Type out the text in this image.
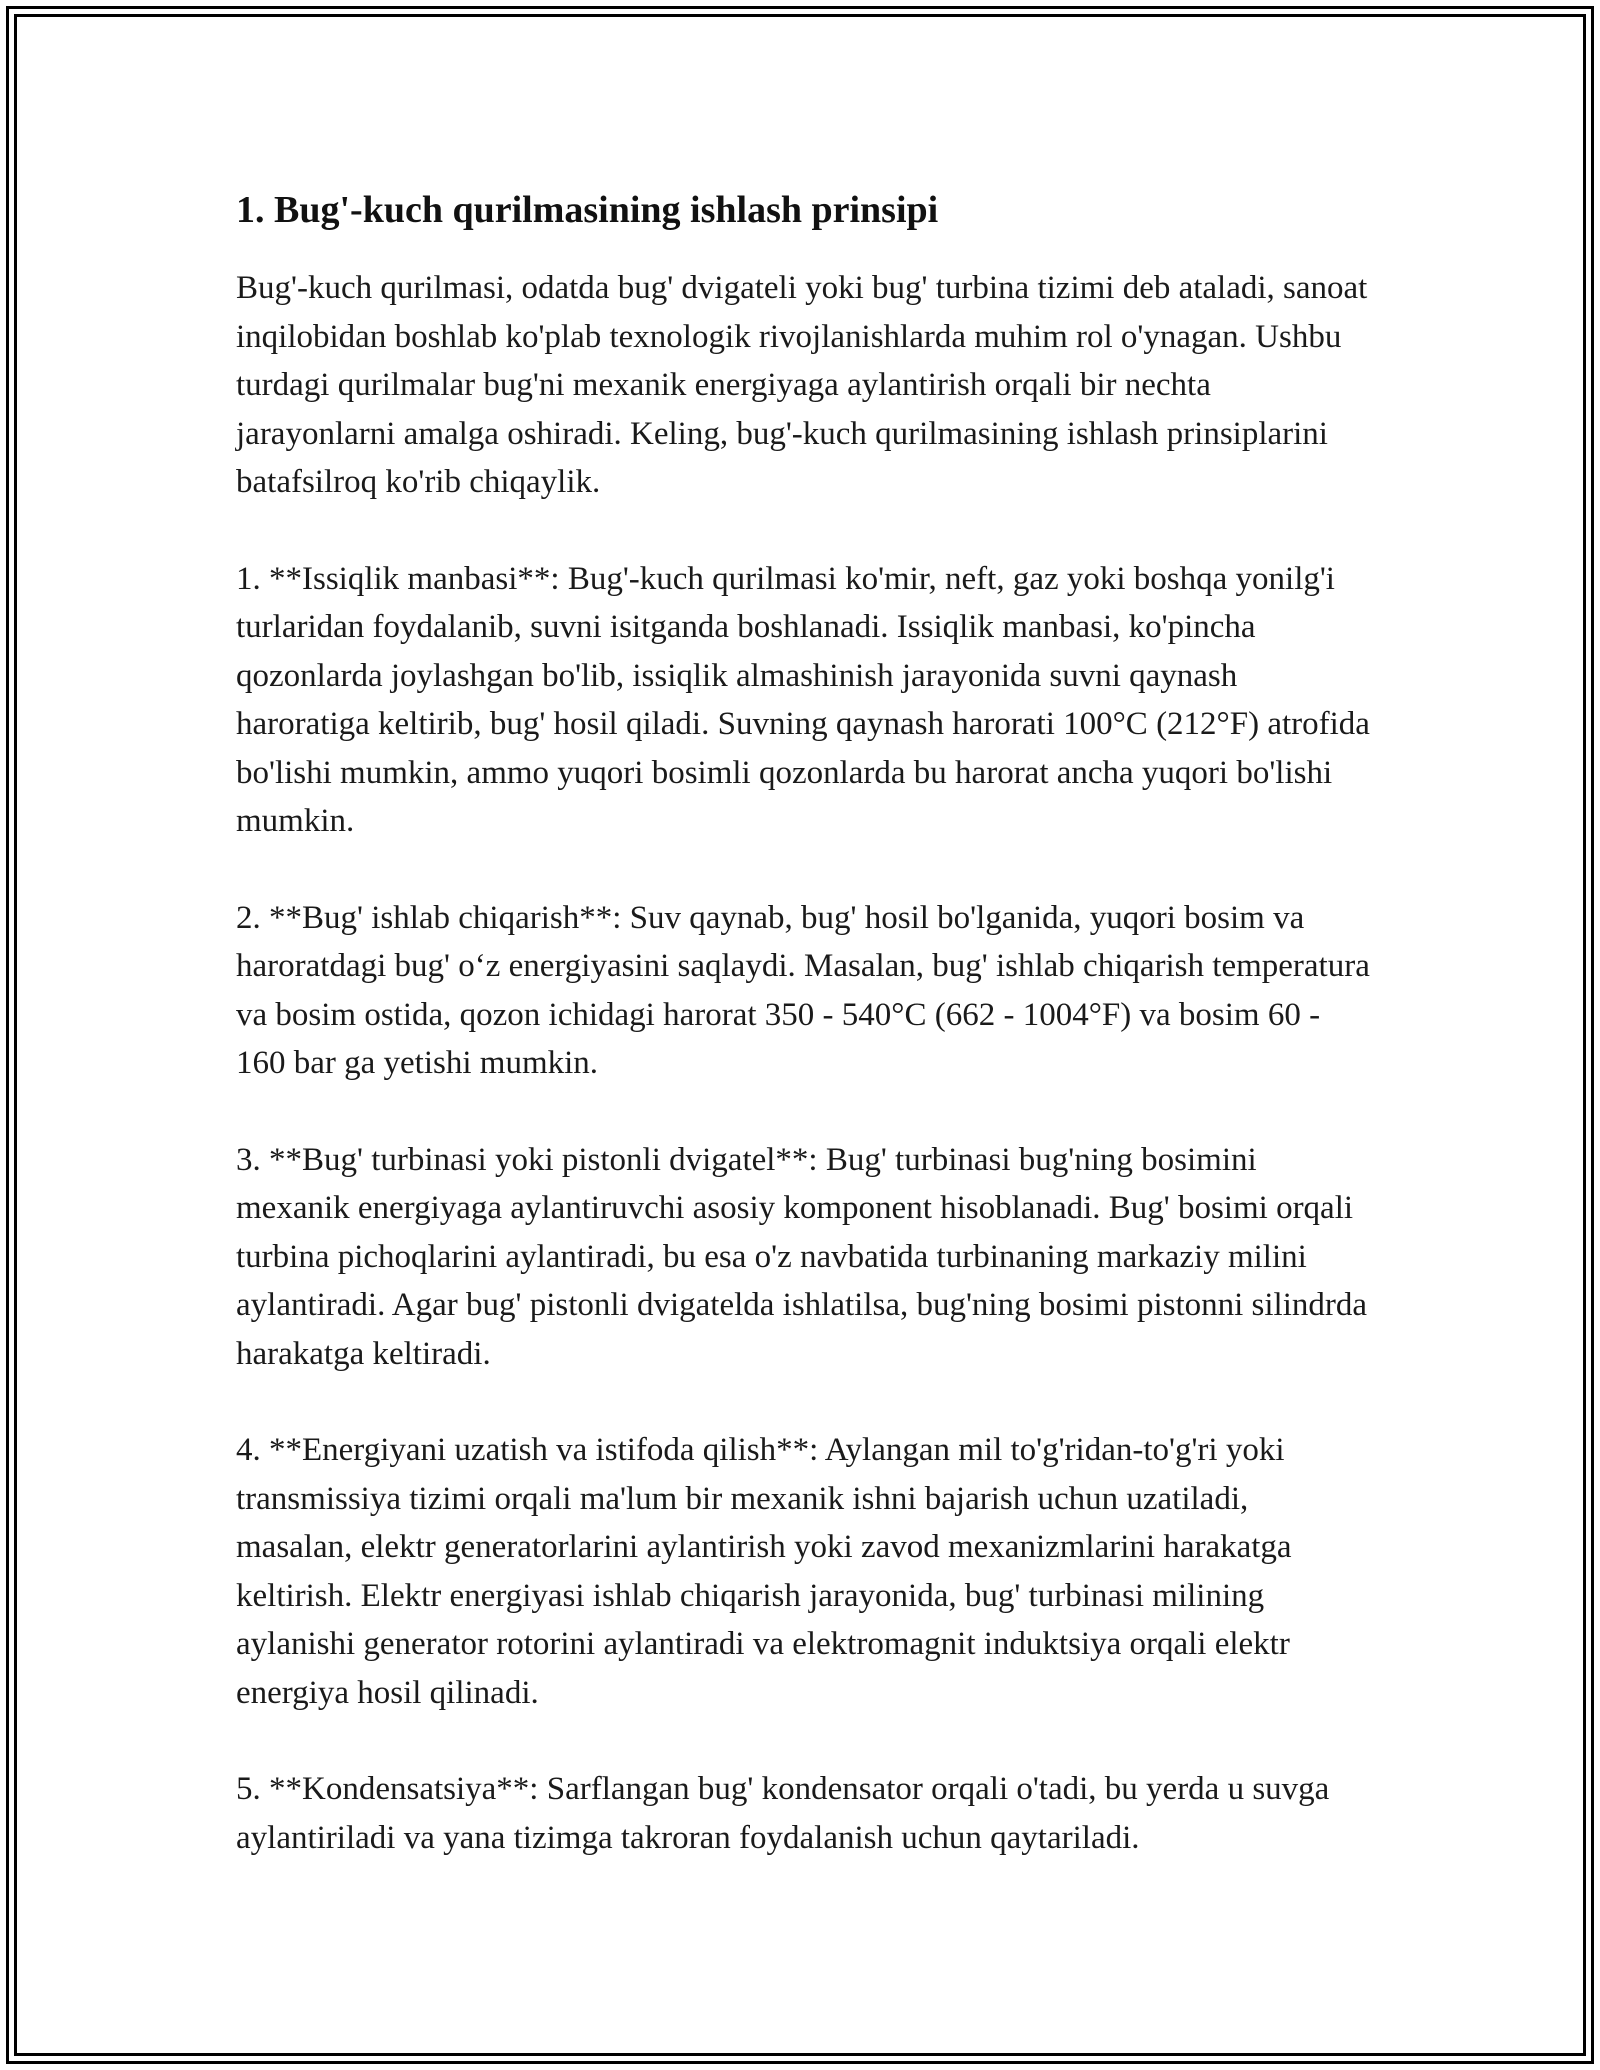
1. Bug'-kuch qurilmasining ishlash prinsipi

Bug'-kuch qurilmasi, odatda bug' dvigateli yoki bug' turbina tizimi deb ataladi, sanoat inqilobidan boshlab ko'plab texnologik rivojlanishlarda muhim rol o'ynagan. Ushbu turdagi qurilmalar bug'ni mexanik energiyaga aylantirish orqali bir nechta jarayonlarni amalga oshiradi. Keling, bug'-kuch qurilmasining ishlash prinsiplarini batafsilroq ko'rib chiqaylik.

1. **Issiqlik manbasi**: Bug'-kuch qurilmasi ko'mir, neft, gaz yoki boshqa yonilg'i turlaridan foydalanib, suvni isitganda boshlanadi. Issiqlik manbasi, ko'pincha qozonlarda joylashgan bo'lib, issiqlik almashinish jarayonida suvni qaynash haroratiga keltirib, bug' hosil qiladi. Suvning qaynash harorati 100°C (212°F) atrofida bo'lishi mumkin, ammo yuqori bosimli qozonlarda bu harorat ancha yuqori bo'lishi mumkin.

2. **Bug' ishlab chiqarish**: Suv qaynab, bug' hosil bo'lganida, yuqori bosim va haroratdagi bug' o‘z energiyasini saqlaydi. Masalan, bug' ishlab chiqarish temperatura va bosim ostida, qozon ichidagi harorat 350 - 540°C (662 - 1004°F) va bosim 60 - 160 bar ga yetishi mumkin.

3. **Bug' turbinasi yoki pistonli dvigatel**: Bug' turbinasi bug'ning bosimini mexanik energiyaga aylantiruvchi asosiy komponent hisoblanadi. Bug' bosimi orqali turbina pichoqlarini aylantiradi, bu esa o'z navbatida turbinaning markaziy milini aylantiradi. Agar bug' pistonli dvigatelda ishlatilsa, bug'ning bosimi pistonni silindrda harakatga keltiradi.

4. **Energiyani uzatish va istifoda qilish**: Aylangan mil to'g'ridan-to'g'ri yoki transmissiya tizimi orqali ma'lum bir mexanik ishni bajarish uchun uzatiladi, masalan, elektr generatorlarini aylantirish yoki zavod mexanizmlarini harakatga keltirish. Elektr energiyasi ishlab chiqarish jarayonida, bug' turbinasi milining aylanishi generator rotorini aylantiradi va elektromagnit induktsiya orqali elektr energiya hosil qilinadi.

5. **Kondensatsiya**: Sarflangan bug' kondensator orqali o'tadi, bu yerda u suvga aylantiriladi va yana tizimga takroran foydalanish uchun qaytariladi.
